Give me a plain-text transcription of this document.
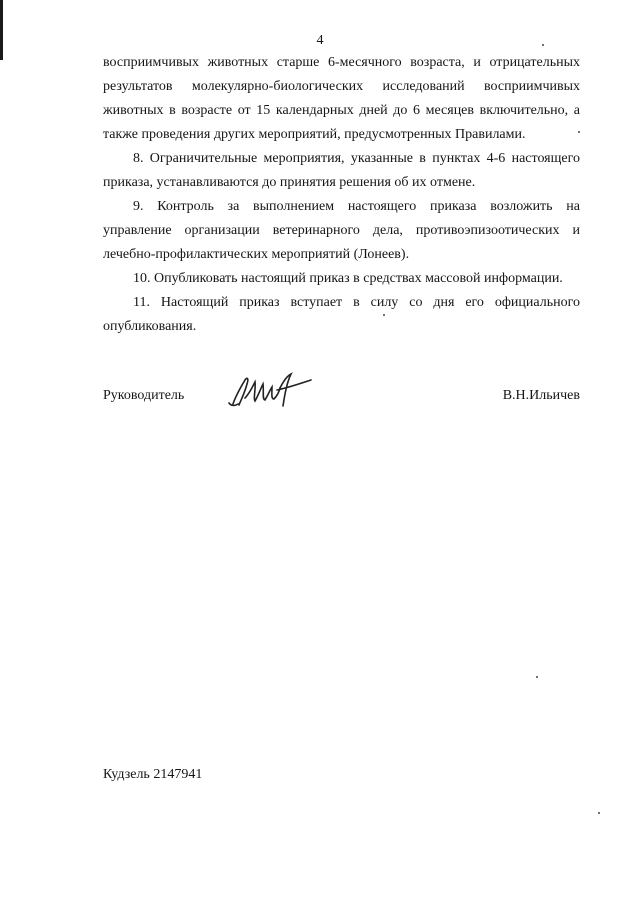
4
восприимчивых животных старше 6-месячного возраста, и отрицательных
результатов молекулярно-биологических исследований восприимчивых
животных в возрасте от 15 календарных дней до 6 месяцев включительно, а
также проведения других мероприятий, предусмотренных Правилами.
8. Ограничительные мероприятия, указанные в пунктах 4-6 настоящего
приказа, устанавливаются до принятия решения об их отмене.
9. Контроль за выполнением настоящего приказа возложить на
управление организации ветеринарного дела, противоэпизоотических и
лечебно-профилактических мероприятий (Лонеев).
10. Опубликовать настоящий приказ в средствах массовой информации.
11. Настоящий приказ вступает в силу со дня его официального
опубликования.
Руководитель	В.Н.Ильичев
Кудзель 2147941
